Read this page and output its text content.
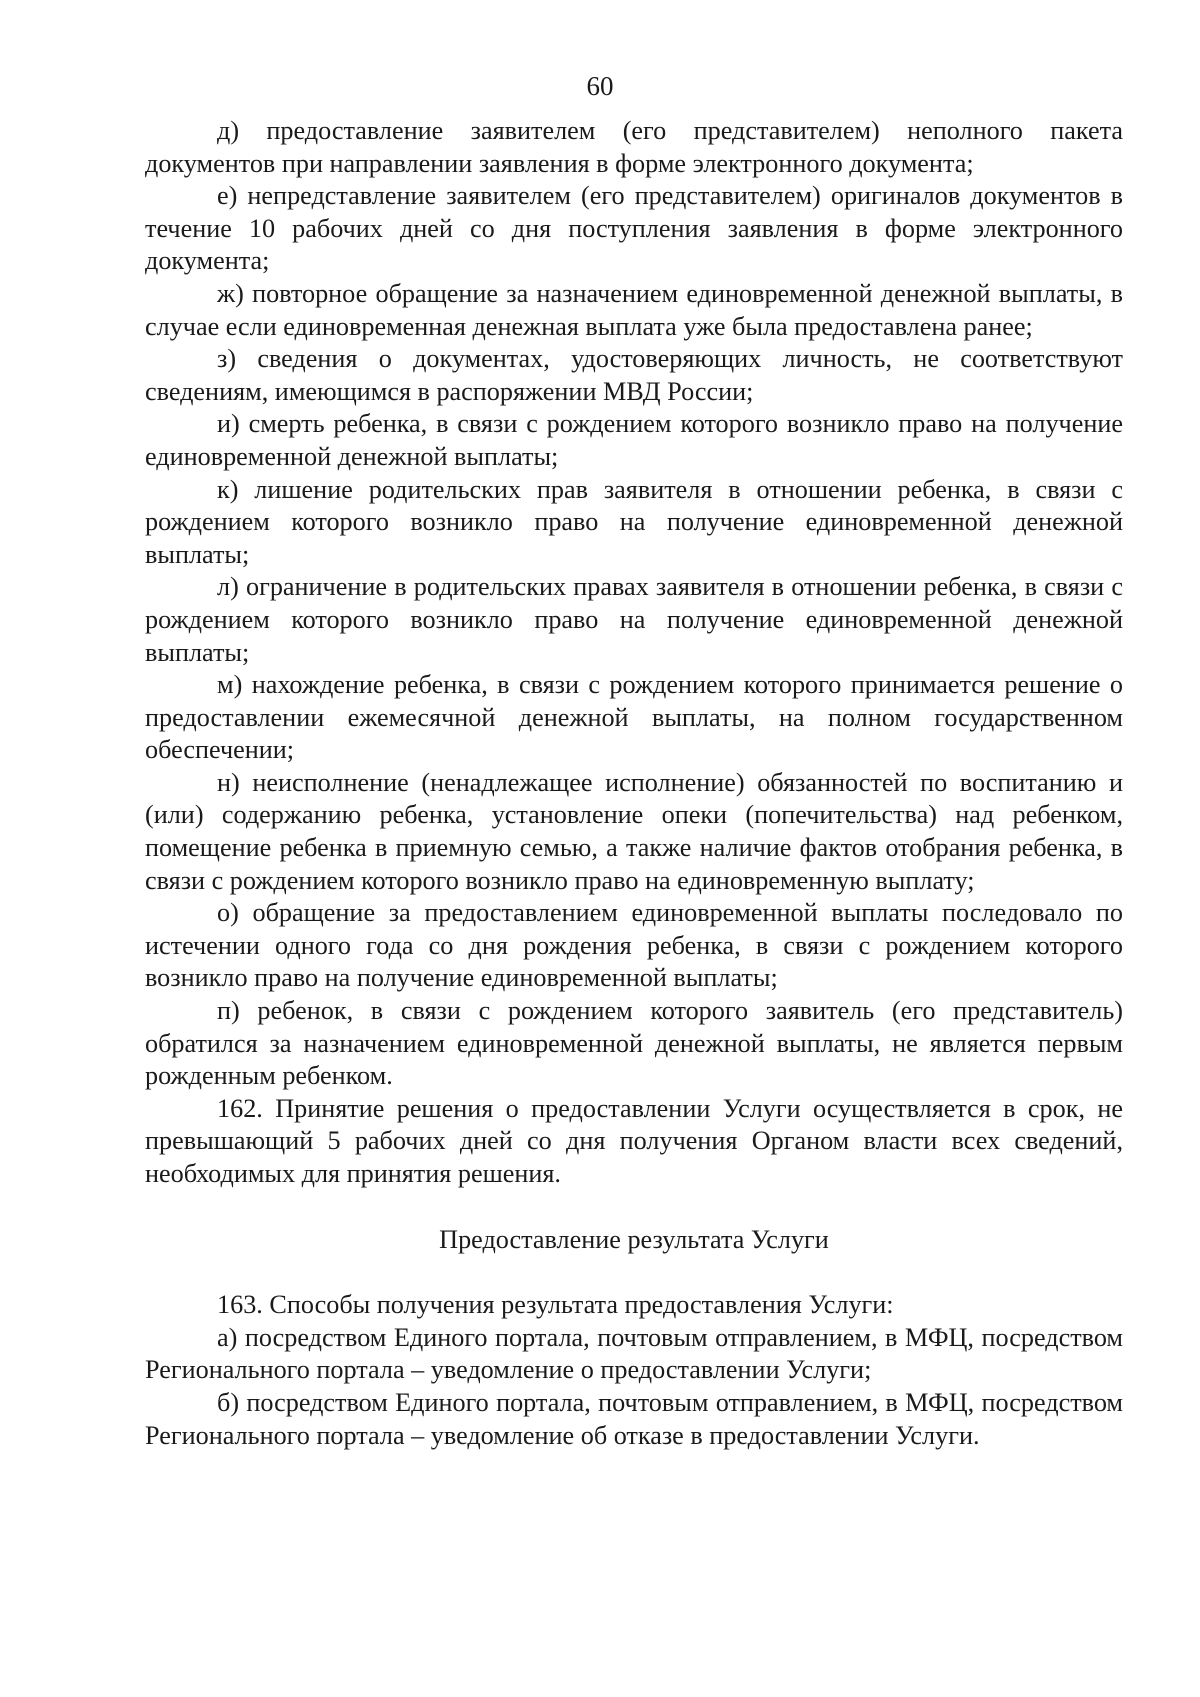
60

д) предоставление заявителем (его представителем) неполного пакета документов при направлении заявления в форме электронного документа;

е) непредставление заявителем (его представителем) оригиналов документов в течение 10 рабочих дней со дня поступления заявления в форме электронного документа;

ж) повторное обращение за назначением единовременной денежной выплаты, в случае если единовременная денежная выплата уже была предоставлена ранее;

з) сведения о документах, удостоверяющих личность, не соответствуют сведениям, имеющимся в распоряжении МВД России;

и) смерть ребенка, в связи с рождением которого возникло право на получение единовременной денежной выплаты;

к) лишение родительских прав заявителя в отношении ребенка, в связи с рождением которого возникло право на получение единовременной денежной выплаты;

л) ограничение в родительских правах заявителя в отношении ребенка, в связи с рождением которого возникло право на получение единовременной денежной выплаты;

м) нахождение ребенка, в связи с рождением которого принимается решение о предоставлении ежемесячной денежной выплаты, на полном государственном обеспечении;

н) неисполнение (ненадлежащее исполнение) обязанностей по воспитанию и (или) содержанию ребенка, установление опеки (попечительства) над ребенком, помещение ребенка в приемную семью, а также наличие фактов отобрания ребенка, в связи с рождением которого возникло право на единовременную выплату;

о) обращение за предоставлением единовременной выплаты последовало по истечении одного года со дня рождения ребенка, в связи с рождением которого возникло право на получение единовременной выплаты;

п) ребенок, в связи с рождением которого заявитель (его представитель) обратился за назначением единовременной денежной выплаты, не является первым рожденным ребенком.

162. Принятие решения о предоставлении Услуги осуществляется в срок, не превышающий 5 рабочих дней со дня получения Органом власти всех сведений, необходимых для принятия решения.

Предоставление результата Услуги

163. Способы получения результата предоставления Услуги:

а) посредством Единого портала, почтовым отправлением, в МФЦ, посредством Регионального портала – уведомление о предоставлении Услуги;

б) посредством Единого портала, почтовым отправлением, в МФЦ, посредством Регионального портала – уведомление об отказе в предоставлении Услуги.
